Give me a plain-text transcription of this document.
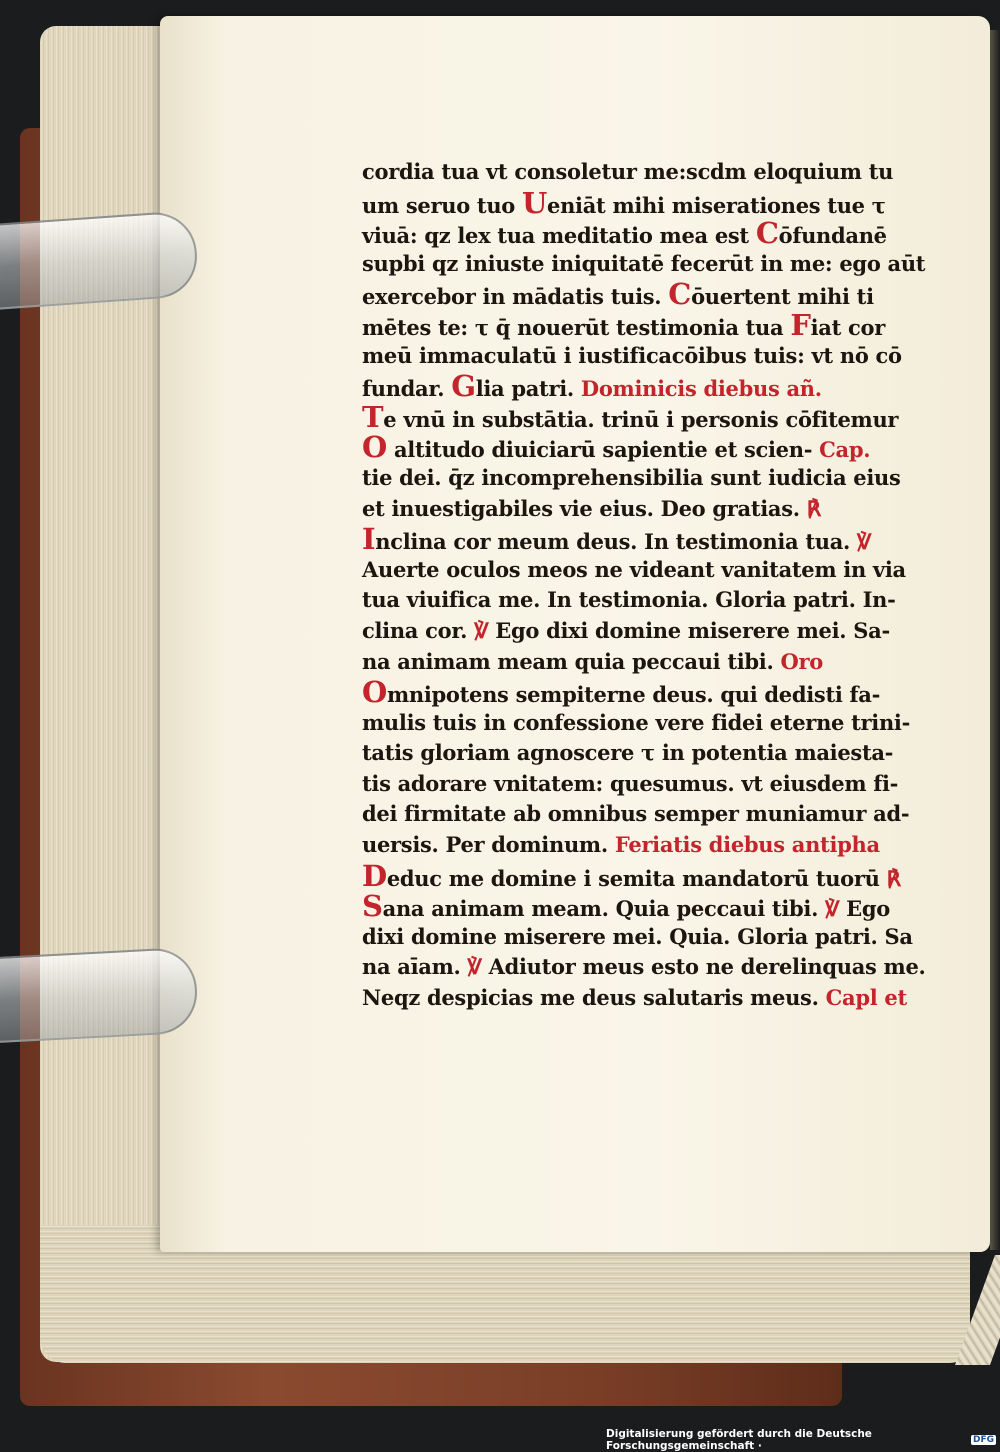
cordia tua vt consoletur me:scdm eloquium tu
um seruo tuo Ueniāt mihi miserationes tue τ
viuā: qz lex tua meditatio mea est Cōfundanē
supbi qz iniuste iniquitatē fecerūt in me: ego aūt
exercebor in mādatis tuis. Cōuertent mihi ti
mētes te: τ q̄ nouerūt testimonia tua Fiat cor
meū immaculatū i iustificacōibus tuis: vt nō cō
fundar. Glia patri. Dominicis diebus añ.
Te vnū in substātia. trinū i personis cōfitemur
O altitudo diuiciarū sapientie et scien- Cap.
tie dei. q̄z incomprehensibilia sunt iudicia eius
et inuestigabiles vie eius. Deo gratias. ℟
Inclina cor meum deus. In testimonia tua. ℣
Auerte oculos meos ne videant vanitatem in via
tua viuifica me. In testimonia. Gloria patri. In-
clina cor. ℣ Ego dixi domine miserere mei. Sa-
na animam meam quia peccaui tibi. Oro
Omnipotens sempiterne deus. qui dedisti fa-
mulis tuis in confessione vere fidei eterne trini-
tatis gloriam agnoscere τ in potentia maiesta-
tis adorare vnitatem: quesumus. vt eiusdem fi-
dei firmitate ab omnibus semper muniamur ad-
uersis. Per dominum. Feriatis diebus antipha
Deduc me domine i semita mandatorū tuorū ℟
Sana animam meam. Quia peccaui tibi. ℣ Ego
dixi domine miserere mei. Quia. Gloria patri. Sa
na aīam. ℣ Adiutor meus esto ne derelinquas me.
Neqz despicias me deus salutaris meus. Capl et
Digitalisierung gefördert durch die Deutsche Forschungsgemeinschaft ·	DFG
